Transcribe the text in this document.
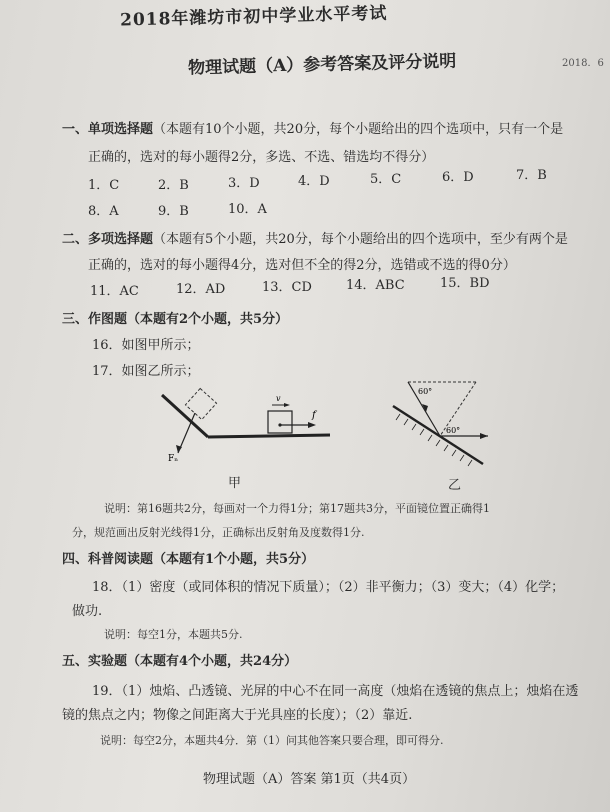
2018年潍坊市初中学业水平考试
物理试题（A）参考答案及评分说明	2018．6
一、单项选择题（本题有10个小题，共20分，每个小题给出的四个选项中，只有一个是
正确的，选对的每小题得2分，多选、不选、错选均不得分）
1．C	2．B	3．D	4．D	5．C	6．D	7．B
8．A	9．B	10．A
二、多项选择题（本题有5个小题，共20分，每个小题给出的四个选项中，至少有两个是
正确的，选对的每小题得4分，选对但不全的得2分，选错或不选的得0分）
11．AC	12．AD	13．CD	14．ABC	15．BD
三、作图题（本题有2个小题，共5分）
16．如图甲所示；
17．如图乙所示；
Fₙ
f
v
甲
60°
60°
乙
说明：第16题共2分，每画对一个力得1分；第17题共3分，平面镜位置正确得1
分，规范画出反射光线得1分，正确标出反射角及度数得1分.
四、科普阅读题（本题有1个小题，共5分）
18．（1）密度（或同体积的情况下质量）；（2）非平衡力；（3）变大；（4）化学；
做功.
说明：每空1分，本题共5分.
五、实验题（本题有4个小题，共24分）
19．（1）烛焰、凸透镜、光屏的中心不在同一高度（烛焰在透镜的焦点上；烛焰在透
镜的焦点之内；物像之间距离大于光具座的长度）；（2）靠近.
说明：每空2分，本题共4分．第（1）问其他答案只要合理，即可得分.
物理试题（A）答案 第1页（共4页）
